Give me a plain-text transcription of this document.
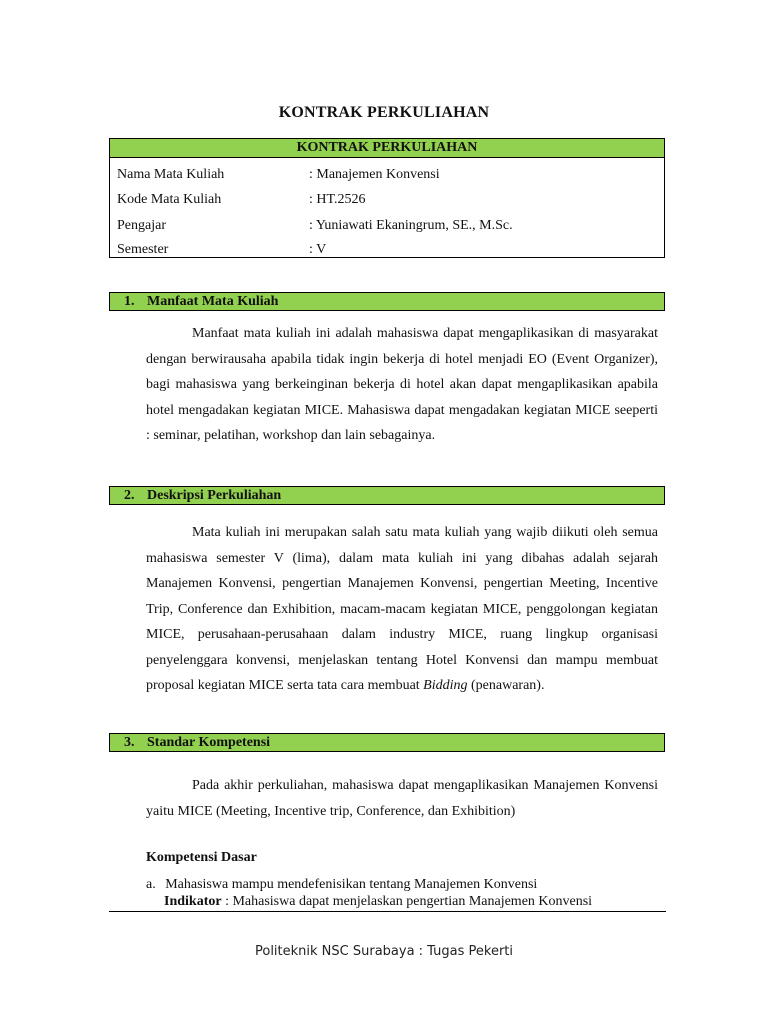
KONTRAK PERKULIAHAN
KONTRAK PERKULIAHAN
Nama Mata Kuliah	: Manajemen Konvensi
Kode Mata Kuliah	: HT.2526
Pengajar	: Yuniawati Ekaningrum, SE., M.Sc.
Semester	: V
1. Manfaat Mata Kuliah

Manfaat mata kuliah ini adalah mahasiswa dapat mengaplikasikan di masyarakat dengan berwirausaha apabila tidak ingin bekerja di hotel menjadi EO (Event Organizer), bagi mahasiswa yang berkeinginan bekerja di hotel akan dapat mengaplikasikan apabila hotel mengadakan kegiatan MICE. Mahasiswa dapat mengadakan kegiatan MICE seeperti : seminar, pelatihan, workshop dan lain sebagainya.

2. Deskripsi Perkuliahan

Mata kuliah ini merupakan salah satu mata kuliah yang wajib diikuti oleh semua mahasiswa semester V (lima), dalam mata kuliah ini yang dibahas adalah sejarah Manajemen Konvensi, pengertian Manajemen Konvensi, pengertian Meeting, Incentive Trip, Conference dan Exhibition, macam-macam kegiatan MICE, penggolongan kegiatan MICE, perusahaan-perusahaan dalam industry MICE, ruang lingkup organisasi penyelenggara konvensi, menjelaskan tentang Hotel Konvensi dan mampu membuat proposal kegiatan MICE serta tata cara membuat Bidding (penawaran).

3. Standar Kompetensi

Pada akhir perkuliahan, mahasiswa dapat mengaplikasikan Manajemen Konvensi yaitu MICE (Meeting, Incentive trip, Conference, dan Exhibition)

Kompetensi Dasar
a. Mahasiswa mampu mendefenisikan tentang Manajemen Konvensi
Indikator : Mahasiswa dapat menjelaskan pengertian Manajemen Konvensi
Politeknik NSC Surabaya : Tugas Pekerti
